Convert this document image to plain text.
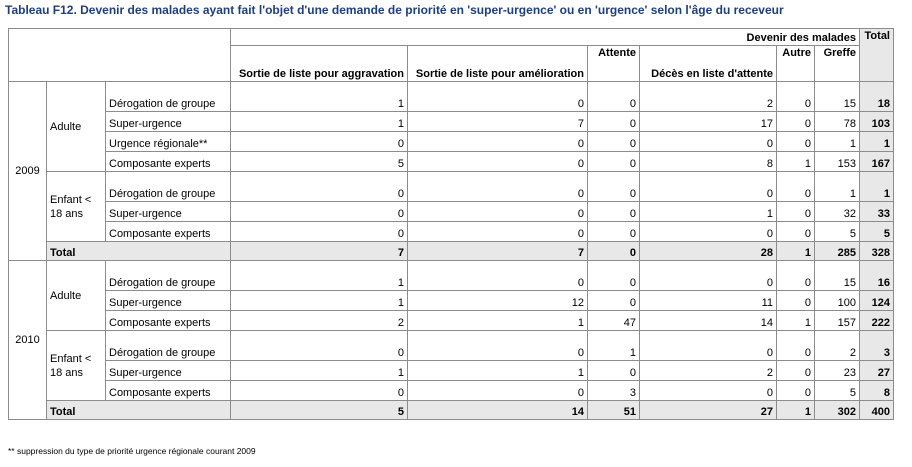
Tableau F12. Devenir des malades ayant fait l'objet d'une demande de priorité en 'super-urgence' ou en 'urgence' selon l'âge du receveur
			Devenir des malades						Total
			Sortie de liste pour aggravation	Sortie de liste pour amélioration	Attente	Décès en liste d'attente	Autre	Greffe	
2009	Adulte	Dérogation de groupe	1	0	0	2	0	15	18
		Super-urgence	1	7	0	17	0	78	103
		Urgence régionale**	0	0	0	0	0	1	1
		Composante experts	5	0	0	8	1	153	167
	Enfant < 18 ans	Dérogation de groupe	0	0	0	0	0	1	1
		Super-urgence	0	0	0	1	0	32	33
		Composante experts	0	0	0	0	0	5	5
	Total		7	7	0	28	1	285	328
2010	Adulte	Dérogation de groupe	1	0	0	0	0	15	16
		Super-urgence	1	12	0	11	0	100	124
		Composante experts	2	1	47	14	1	157	222
	Enfant < 18 ans	Dérogation de groupe	0	0	1	0	0	2	3
		Super-urgence	1	1	0	2	0	23	27
		Composante experts	0	0	3	0	0	5	8
	Total		5	14	51	27	1	302	400
** suppression du type de priorité urgence régionale courant 2009
